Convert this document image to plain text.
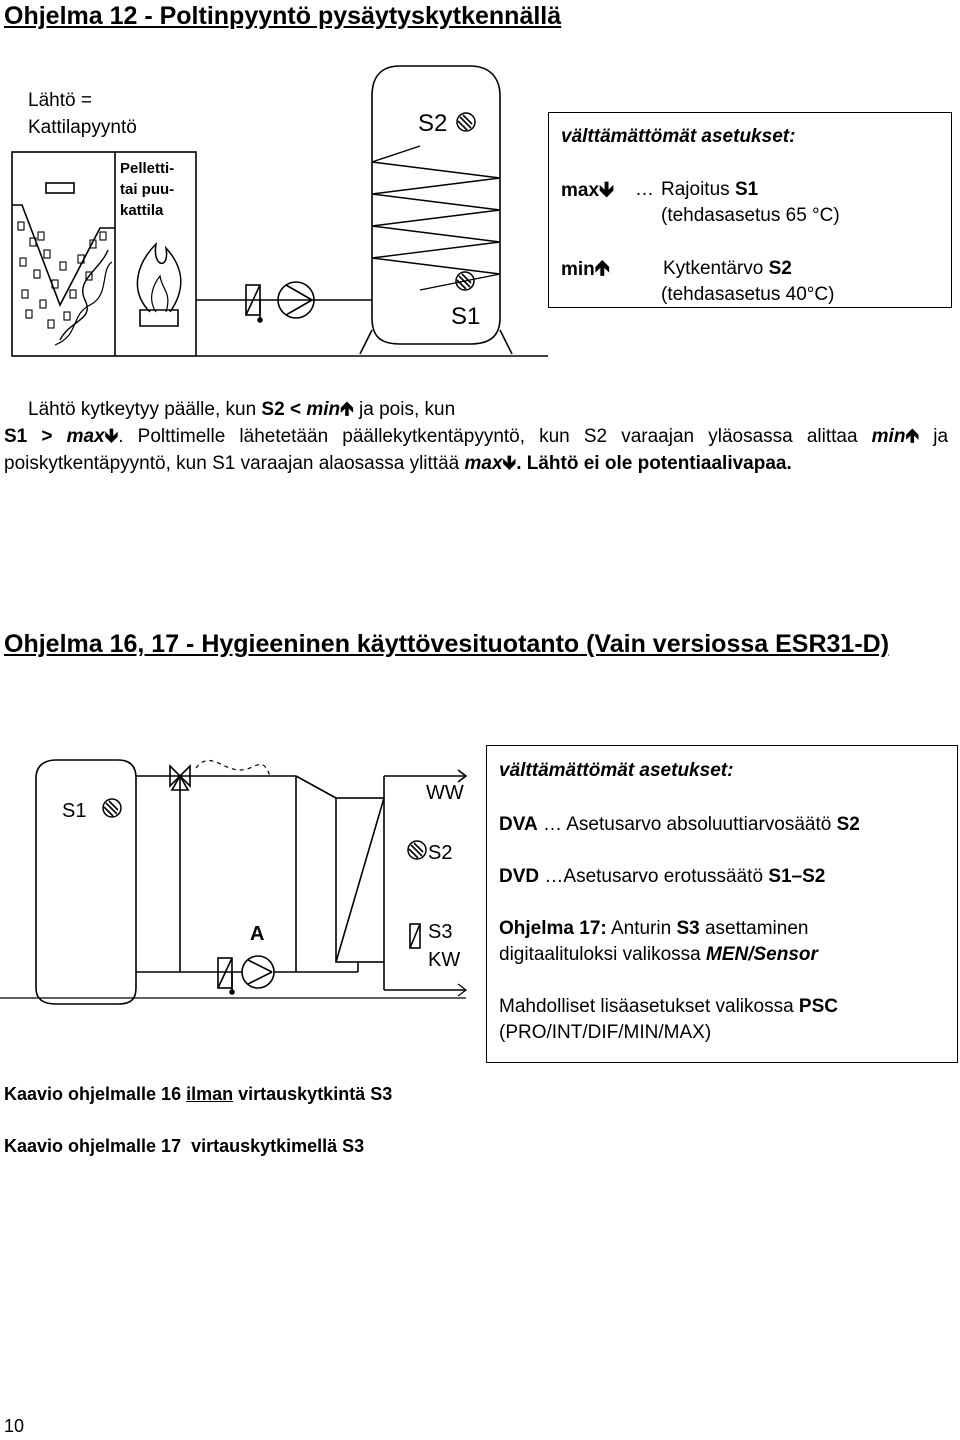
Ohjelma 12 - Poltinpyyntö pysäytyskytkennällä
Lähtö =
Kattilapyyntö
Pelletti-
tai puu-
kattila
S2
S1
välttämättömät asetukset:
max🡻 … Rajoitus S1
(tehdasasetus 65 °C)
min🡹	Kytkentärvo S2
(tehdasasetus 40°C)
Lähtö kytkeytyy päälle, kun S2 < min🡹 ja pois, kun
S1 > max🡻. Polttimelle lähetetään päällekytkentäpyyntö, kun S2 varaajan yläosassa alittaa min🡹 ja poiskytkentäpyyntö, kun S1 varaajan alaosassa ylittää max🡻. Lähtö ei ole potentiaalivapaa.
Ohjelma 16, 17 - Hygieeninen käyttövesituotanto (Vain versiossa ESR31-D)
S1
WW
S2
A	S3
KW
välttämättömät asetukset:
DVA … Asetusarvo absoluuttiarvosäätö S2
DVD …Asetusarvo erotussäätö S1–S2
Ohjelma 17: Anturin S3 asettaminen
digitaalituloksi valikossa MEN/Sensor
Mahdolliset lisäasetukset valikossa PSC
(PRO/INT/DIF/MIN/MAX)
Kaavio ohjelmalle 16 ilman virtauskytkintä S3
Kaavio ohjelmalle 17  virtauskytkimellä S3
10
